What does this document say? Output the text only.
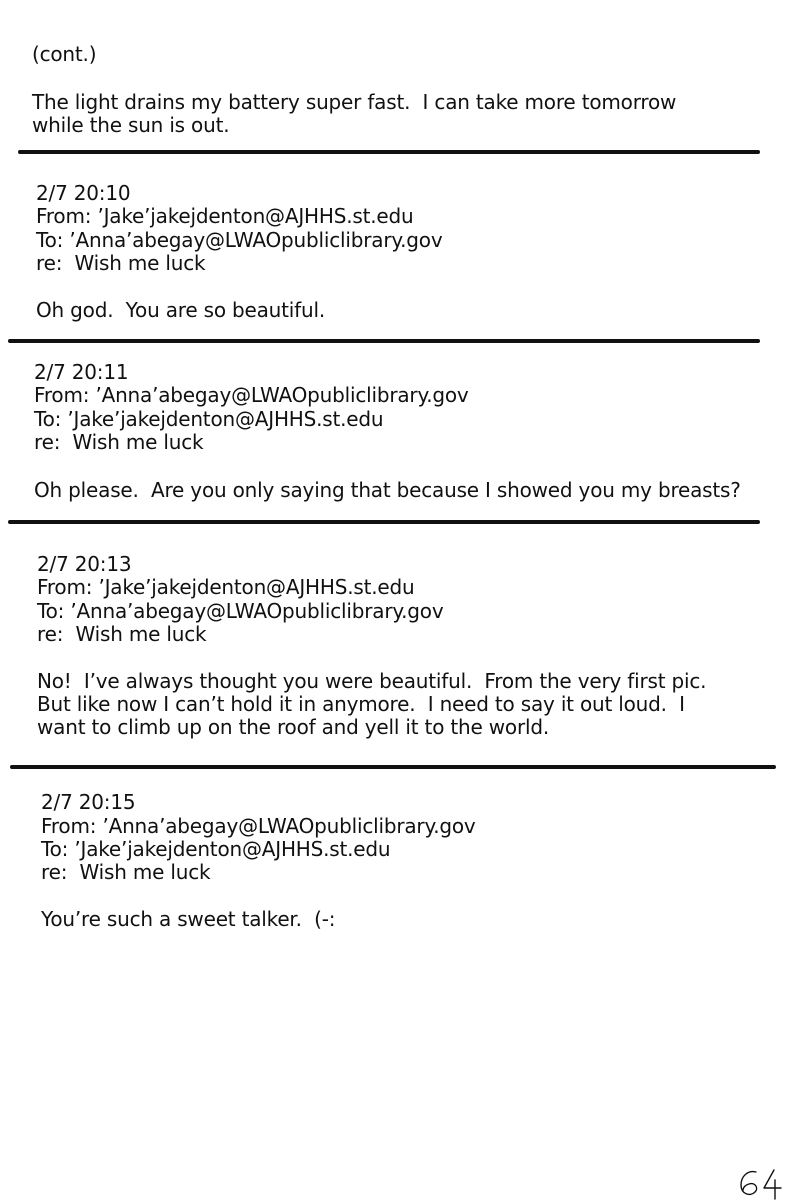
(cont.)
The light drains my battery super fast.  I can take more tomorrow
while the sun is out.
2/7 20:10
From: ’Jake’jakejdenton@AJHHS.st.edu
To: ’Anna’abegay@LWAOpubliclibrary.gov
re:  Wish me luck
Oh god.  You are so beautiful.
2/7 20:11
From: ’Anna’abegay@LWAOpubliclibrary.gov
To: ’Jake’jakejdenton@AJHHS.st.edu
re:  Wish me luck
Oh please.  Are you only saying that because I showed you my breasts?
2/7 20:13
From: ’Jake’jakejdenton@AJHHS.st.edu
To: ’Anna’abegay@LWAOpubliclibrary.gov
re:  Wish me luck
No!  I’ve always thought you were beautiful.  From the very first pic.
But like now I can’t hold it in anymore.  I need to say it out loud.  I
want to climb up on the roof and yell it to the world.
2/7 20:15
From: ’Anna’abegay@LWAOpubliclibrary.gov
To: ’Jake’jakejdenton@AJHHS.st.edu
re:  Wish me luck
You’re such a sweet talker.  (-:
